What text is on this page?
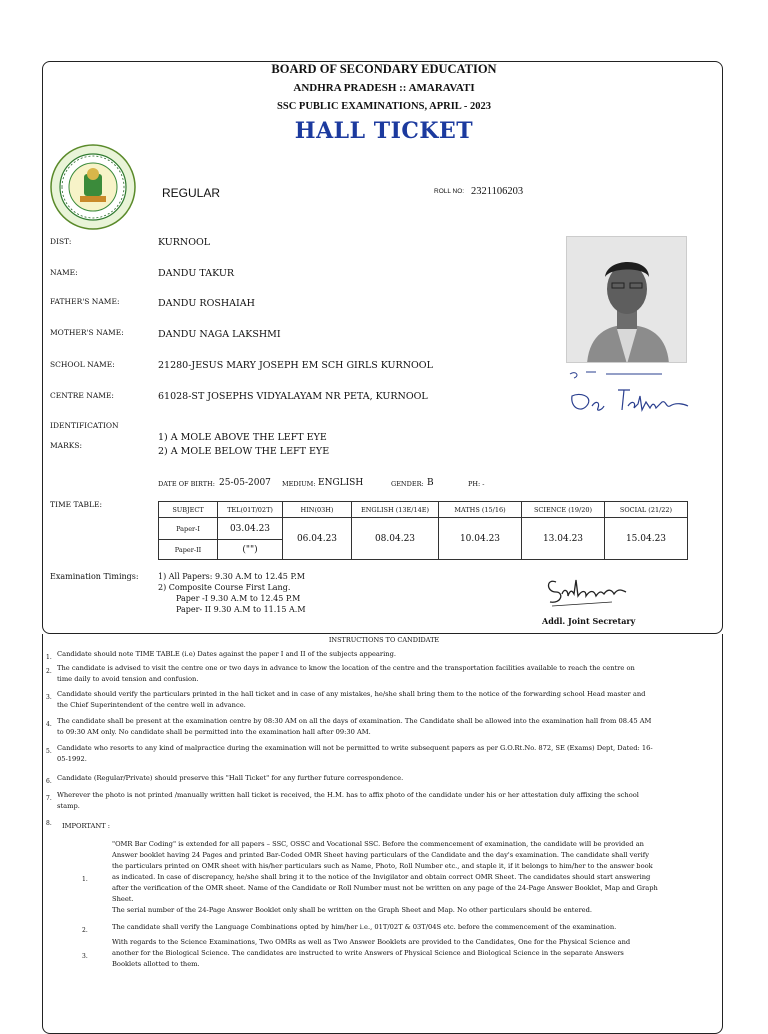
BOARD OF SECONDARY EDUCATION
ANDHRA PRADESH :: AMARAVATI
SSC PUBLIC EXAMINATIONS, APRIL - 2023
HALL TICKET
REGULAR	ROLL NO: 2321106203
DIST:	KURNOOL
NAME:	DANDU TAKUR
FATHER'S NAME:	DANDU ROSHAIAH
MOTHER'S NAME:	DANDU NAGA LAKSHMI
SCHOOL NAME:	21280-JESUS MARY JOSEPH EM SCH GIRLS KURNOOL
CENTRE NAME:	61028-ST JOSEPHS VIDYALAYAM NR PETA, KURNOOL
IDENTIFICATION
MARKS:
1) A MOLE ABOVE THE LEFT EYE
2) A MOLE BELOW THE LEFT EYE
DATE OF BIRTH: 25-05-2007 MEDIUM: ENGLISH	GENDER: B	PH: -
TIME TABLE:
SUBJECT	TEL(01T/02T)	HIN(03H)	ENGLISH (13E/14E)	MATHS (15/16)	SCIENCE (19/20)	SOCIAL (21/22)
Paper-I	03.04.23	06.04.23	08.04.23	10.04.23	13.04.23	15.04.23
Paper-II	("")					
Examination Timings: 1) All Papers: 9.30 A.M to 12.45 P.M
2) Composite Course First Lang.
Paper -I 9.30 A.M to 12.45 P.M
Paper- II 9.30 A.M to 11.15 A.M
Addl. Joint Secretary
INSTRUCTIONS TO CANDIDATE
1. Candidate should note TIME TABLE (i.e) Dates against the paper I and II of the subjects appearing.
2. The candidate is advised to visit the centre one or two days in advance to know the location of the centre and the transportation facilities available to reach the centre on
time daily to avoid tension and confusion.
3. Candidate should verify the particulars printed in the hall ticket and in case of any mistakes, he/she shall bring them to the notice of the forwarding school Head master and
the Chief Superintendent of the centre well in advance.
4. The candidate shall be present at the examination centre by 08:30 AM on all the days of examination. The Candidate shall be allowed into the examination hall from 08.45 AM
to 09:30 AM only. No candidate shall be permitted into the examination hall after 09:30 AM.
5. Candidate who resorts to any kind of malpractice during the examination will not be permitted to write subsequent papers as per G.O.Rt.No. 872, SE (Exams) Dept, Dated: 16-
05-1992.
6. Candidate (Regular/Private) should preserve this "Hall Ticket" for any further future correspondence.
7. Wherever the photo is not printed /manually written hall ticket is received, the H.M. has to affix photo of the candidate under his or her attestation duly affixing the school
stamp.
8. IMPORTANT :
1.
"OMR Bar Coding" is extended for all papers – SSC, OSSC and Vocational SSC. Before the commencement of examination, the candidate will be provided an
Answer booklet having 24 Pages and printed Bar-Coded OMR Sheet having particulars of the Candidate and the day's examination. The candidate shall verify
the particulars printed on OMR sheet with his/her particulars such as Name, Photo, Roll Number etc., and staple it, if it belongs to him/her to the answer book
as indicated. In case of discrepancy, he/she shall bring it to the notice of the Invigilator and obtain correct OMR Sheet. The candidates should start answering
after the verification of the OMR sheet. Name of the Candidate or Roll Number must not be written on any page of the 24-Page Answer Booklet, Map and Graph
Sheet.
The serial number of the 24-Page Answer Booklet only shall be written on the Graph Sheet and Map. No other particulars should be entered.
2.	The candidate shall verify the Language Combinations opted by him/her i.e., 01T/02T & 03T/04S etc. before the commencement of the examination.
3.
With regards to the Science Examinations, Two OMRs as well as Two Answer Booklets are provided to the Candidates, One for the Physical Science and
another for the Biological Science. The candidates are instructed to write Answers of Physical Science and Biological Science in the separate Answers
Booklets allotted to them.
